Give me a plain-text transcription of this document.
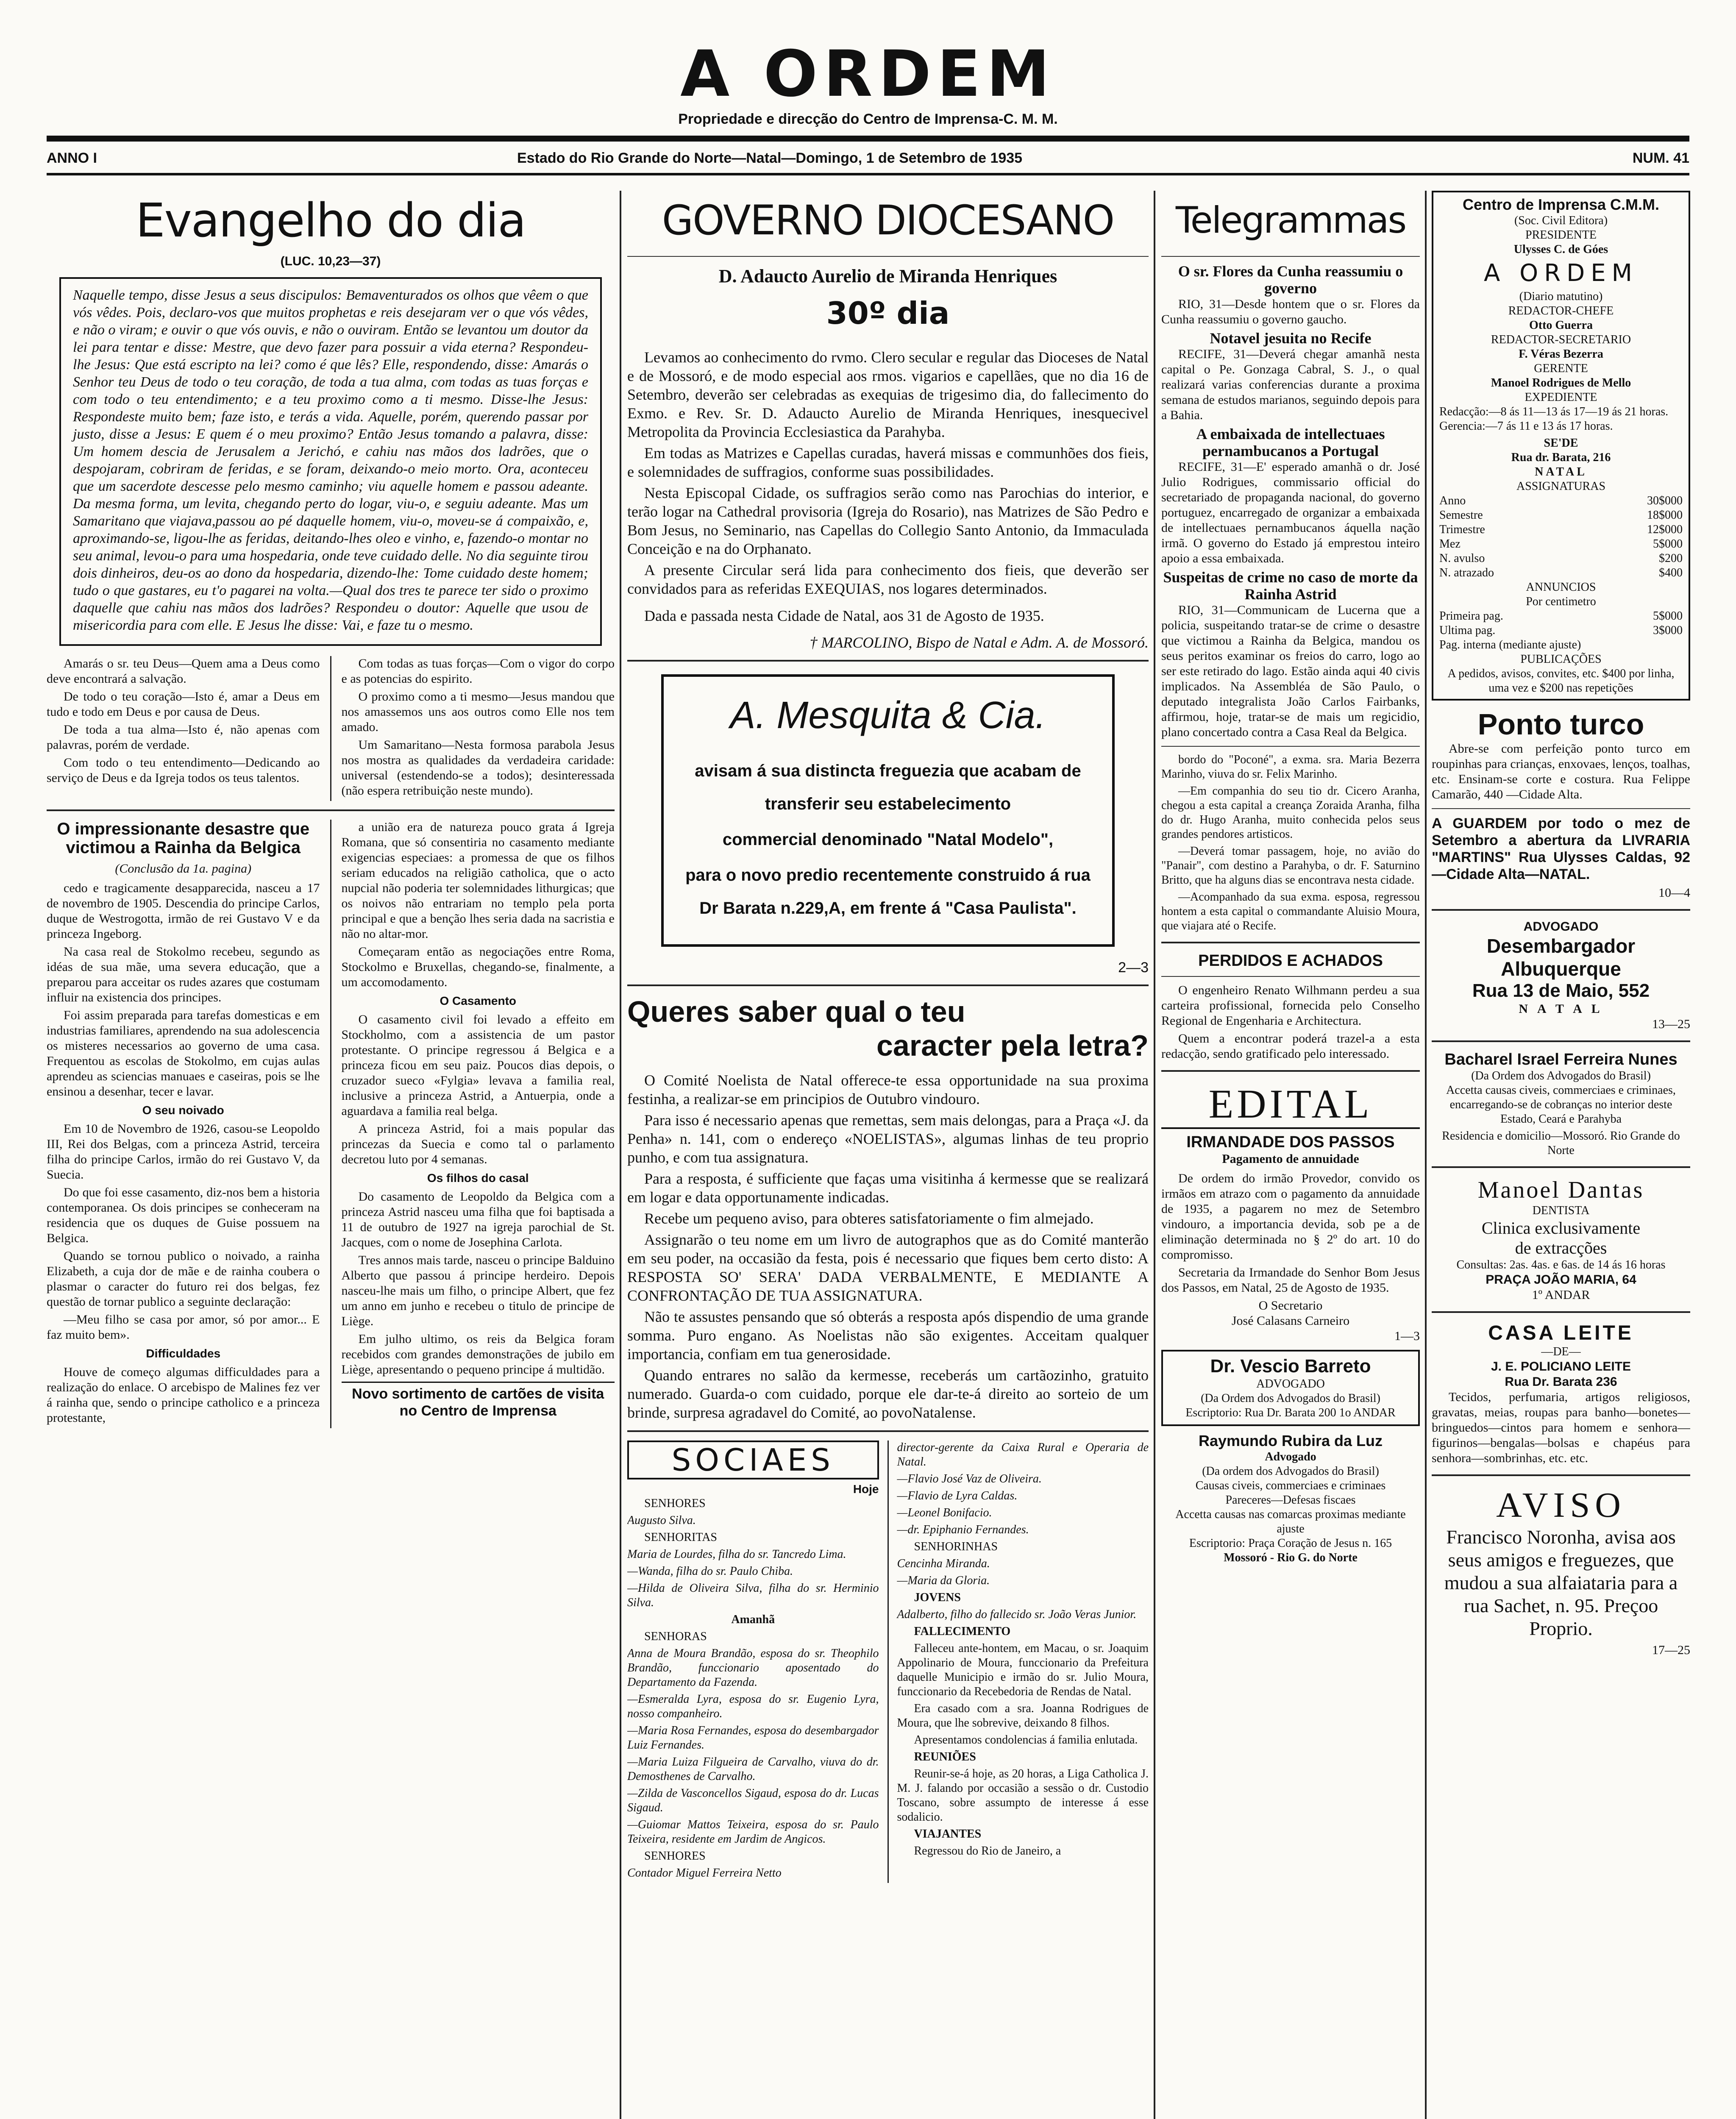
A ORDEM
Propriedade e direcção do Centro de Imprensa-C. M. M.
ANNO I	Estado do Rio Grande do Norte—Natal—Domingo, 1 de Setembro de 1935	NUM. 41
Evangelho do dia
(LUC. 10,23—37)

Naquelle tempo, disse Jesus a seus discipulos: Bemaventurados os olhos que vêem o que vós vêdes. Pois, declaro-vos que muitos prophetas e reis desejaram ver o que vós vêdes, e não o viram; e ouvir o que vós ouvis, e não o ouviram. Então se levantou um doutor da lei para tentar e disse: Mestre, que devo fazer para possuir a vida eterna? Respondeu-lhe Jesus: Que está escripto na lei? como é que lês? Elle, respondendo, disse: Amarás o Senhor teu Deus de todo o teu coração, de toda a tua alma, com todas as tuas forças e com todo o teu entendimento; e a teu proximo como a ti mesmo. Disse-lhe Jesus: Respondeste muito bem; faze isto, e terás a vida. Aquelle, porém, querendo passar por justo, disse a Jesus: E quem é o meu proximo? Então Jesus tomando a palavra, disse: Um homem descia de Jerusalem a Jerichó, e cahiu nas mãos dos ladrões, que o despojaram, cobriram de feridas, e se foram, deixando-o meio morto. Ora, aconteceu que um sacerdote descesse pelo mesmo caminho; viu aquelle homem e passou adeante. Da mesma forma, um levita, chegando perto do logar, viu-o, e seguiu adeante. Mas um Samaritano que viajava,passou ao pé daquelle homem, viu-o, moveu-se á compaixão, e, aproximando-se, ligou-lhe as feridas, deitando-lhes oleo e vinho, e, fazendo-o montar no seu animal, levou-o para uma hospedaria, onde teve cuidado delle. No dia seguinte tirou dois dinheiros, deu-os ao dono da hospedaria, dizendo-lhe: Tome cuidado deste homem; tudo o que gastares, eu t'o pagarei na volta.—Qual dos tres te parece ter sido o proximo daquelle que cahiu nas mãos dos ladrões? Respondeu o doutor: Aquelle que usou de misericordia para com elle. E Jesus lhe disse: Vai, e faze tu o mesmo.

Amarás o sr. teu Deus—Quem ama a Deus como deve encontrará a salvação.

De todo o teu coração—Isto é, amar a Deus em tudo e todo em Deus e por causa de Deus.

De toda a tua alma—Isto é, não apenas com palavras, porém de verdade.

Com todo o teu entendimento—Dedicando ao serviço de Deus e da Igreja todos os teus talentos.

Com todas as tuas forças—Com o vigor do corpo e as potencias do espirito.

O proximo como a ti mesmo—Jesus mandou que nos amassemos uns aos outros como Elle nos tem amado.

Um Samaritano—Nesta formosa parabola Jesus nos mostra as qualidades da verdadeira caridade: universal (estendendo-se a todos); desinteressada (não espera retribuição neste mundo).

O impressionante desastre que victimou a Rainha da Belgica

(Conclusão da 1a. pagina)

cedo e tragicamente desapparecida, nasceu a 17 de novembro de 1905. Descendia do principe Carlos, duque de Westrogotta, irmão de rei Gustavo V e da princeza Ingeborg.

Na casa real de Stokolmo recebeu, segundo as idéas de sua mãe, uma severa educação, que a preparou para acceitar os rudes azares que costumam influir na existencia dos principes.

Foi assim preparada para tarefas domesticas e em industrias familiares, aprendendo na sua adolescencia os misteres necessarios ao governo de uma casa. Frequentou as escolas de Stokolmo, em cujas aulas aprendeu as sciencias manuaes e caseiras, pois se lhe ensinou a desenhar, tecer e lavar.

O seu noivado

Em 10 de Novembro de 1926, casou-se Leopoldo III, Rei dos Belgas, com a princeza Astrid, terceira filha do principe Carlos, irmão do rei Gustavo V, da Suecia.

Do que foi esse casamento, diz-nos bem a historia contemporanea. Os dois principes se conheceram na residencia que os duques de Guise possuem na Belgica.

Quando se tornou publico o noivado, a rainha Elizabeth, a cuja dor de mãe e de rainha coubera o plasmar o caracter do futuro rei dos belgas, fez questão de tornar publico a seguinte declaração:

—Meu filho se casa por amor, só por amor... E faz muito bem».

Difficuldades

Houve de começo algumas difficuldades para a realização do enlace. O arcebispo de Malines fez ver á rainha que, sendo o principe catholico e a princeza protestante,

a união era de natureza pouco grata á Igreja Romana, que só consentiria no casamento mediante exigencias especiaes: a promessa de que os filhos seriam educados na religião catholica, que o acto nupcial não poderia ter solemnidades lithurgicas; que os noivos não entrariam no templo pela porta principal e que a benção lhes seria dada na sacristia e não no altar-mor.

Começaram então as negociações entre Roma, Stockolmo e Bruxellas, chegando-se, finalmente, a um accomodamento.

O Casamento

O casamento civil foi levado a effeito em Stockholmo, com a assistencia de um pastor protestante. O principe regressou á Belgica e a princeza ficou em seu paiz. Poucos dias depois, o cruzador sueco «Fylgia» levava a familia real, inclusive a princeza Astrid, a Antuerpia, onde a aguardava a familia real belga.

A princeza Astrid, foi a mais popular das princezas da Suecia e como tal o parlamento decretou luto por 4 semanas.

Os filhos do casal

Do casamento de Leopoldo da Belgica com a princeza Astrid nasceu uma filha que foi baptisada a 11 de outubro de 1927 na igreja parochial de St. Jacques, com o nome de Josephina Carlota.

Tres annos mais tarde, nasceu o principe Balduino Alberto que passou á principe herdeiro. Depois nasceu-lhe mais um filho, o principe Albert, que fez um anno em junho e recebeu o titulo de principe de Liège.

Em julho ultimo, os reis da Belgica foram recebidos com grandes demonstrações de jubilo em Liège, apresentando o pequeno principe á multidão.

Novo sortimento de cartões de visita no Centro de Imprensa
GOVERNO DIOCESANO
D. Adaucto Aurelio de Miranda Henriques
30º dia

Levamos ao conhecimento do rvmo. Clero secular e regular das Dioceses de Natal e de Mossoró, e de modo especial aos rmos. vigarios e capellães, que no dia 16 de Setembro, deverão ser celebradas as exequias de trigesimo dia, do fallecimento do Exmo. e Rev. Sr. D. Adaucto Aurelio de Miranda Henriques, inesquecivel Metropolita da Provincia Ecclesiastica da Parahyba.

Em todas as Matrizes e Capellas curadas, haverá missas e communhões dos fieis, e solemnidades de suffragios, conforme suas possibilidades.

Nesta Episcopal Cidade, os suffragios serão como nas Parochias do interior, e terão logar na Cathedral provisoria (Igreja do Rosario), nas Matrizes de São Pedro e Bom Jesus, no Seminario, nas Capellas do Collegio Santo Antonio, da Immaculada Conceição e na do Orphanato.

A presente Circular será lida para conhecimento dos fieis, que deverão ser convidados para as referidas EXEQUIAS, nos logares determinados.

Dada e passada nesta Cidade de Natal, aos 31 de Agosto de 1935.

† MARCOLINO, Bispo de Natal e Adm. A. de Mossoró.
A. Mesquita & Cia.

avisam á sua distincta freguezia que acabam de transferir seu estabelecimento

commercial denominado "Natal Modelo",

para o novo predio recentemente construido á rua Dr Barata n.229,A, em frente á "Casa Paulista".

2—3
Queres saber qual o teu
caracter pela letra?

O Comité Noelista de Natal offerece-te essa opportunidade na sua proxima festinha, a realizar-se em principios de Outubro vindouro.

Para isso é necessario apenas que remettas, sem mais delongas, para a Praça «J. da Penha» n. 141, com o endereço «NOELISTAS», algumas linhas de teu proprio punho, e com tua assignatura.

Para a resposta, é sufficiente que faças uma visitinha á kermesse que se realizará em logar e data opportunamente indicadas.

Recebe um pequeno aviso, para obteres satisfatoriamente o fim almejado.

Assignarão o teu nome em um livro de autographos que as do Comité manterão em seu poder, na occasião da festa, pois é necessario que fiques bem certo disto: A RESPOSTA SO' SERA' DADA VERBALMENTE, E MEDIANTE A CONFRONTAÇÃO DE TUA ASSIGNATURA.

Não te assustes pensando que só obterás a resposta após dispendio de uma grande somma. Puro engano. As Noelistas não são exigentes. Acceitam qualquer importancia, confiam em tua generosidade.

Quando entrares no salão da kermesse, receberás um cartãozinho, gratuito numerado. Guarda-o com cuidado, porque ele dar-te-á direito ao sorteio de um brinde, surpresa agradavel do Comité, ao povoNatalense.

SOCIAES
Hoje

SENHORES

Augusto Silva.

SENHORITAS

Maria de Lourdes, filha do sr. Tancredo Lima.

—Wanda, filha do sr. Paulo Chiba.

—Hilda de Oliveira Silva, filha do sr. Herminio Silva.

Amanhã

SENHORAS

Anna de Moura Brandão, esposa do sr. Theophilo Brandão, funccionario aposentado do Departamento da Fazenda.

—Esmeralda Lyra, esposa do sr. Eugenio Lyra, nosso companheiro.

—Maria Rosa Fernandes, esposa do desembargador Luiz Fernandes.

—Maria Luiza Filgueira de Carvalho, viuva do dr. Demosthenes de Carvalho.

—Zilda de Vasconcellos Sigaud, esposa do dr. Lucas Sigaud.

—Guiomar Mattos Teixeira, esposa do sr. Paulo Teixeira, residente em Jardim de Angicos.

SENHORES

Contador Miguel Ferreira Netto

director-gerente da Caixa Rural e Operaria de Natal.

—Flavio José Vaz de Oliveira.

—Flavio de Lyra Caldas.

—Leonel Bonifacio.

—dr. Epiphanio Fernandes.

SENHORINHAS

Cencinha Miranda.

—Maria da Gloria.

JOVENS

Adalberto, filho do fallecido sr. João Veras Junior.

FALLECIMENTO

Falleceu ante-hontem, em Macau, o sr. Joaquim Appolinario de Moura, funccionario da Prefeitura daquelle Municipio e irmão do sr. Julio Moura, funccionario da Recebedoria de Rendas de Natal.

Era casado com a sra. Joanna Rodrigues de Moura, que lhe sobrevive, deixando 8 filhos.

Apresentamos condolencias á familia enlutada.

REUNIÕES

Reunir-se-á hoje, as 20 horas, a Liga Catholica J. M. J. falando por occasião a sessão o dr. Custodio Toscano, sobre assumpto de interesse á esse sodalicio.

VIAJANTES

Regressou do Rio de Janeiro, a

Telegrammas
O sr. Flores da Cunha reassumiu o governo

RIO, 31—Desde hontem que o sr. Flores da Cunha reassumiu o governo gaucho.

Notavel jesuita no Recife

RECIFE, 31—Deverá chegar amanhã nesta capital o Pe. Gonzaga Cabral, S. J., o qual realizará varias conferencias durante a proxima semana de estudos marianos, seguindo depois para a Bahia.

A embaixada de intellectuaes pernambucanos a Portugal

RECIFE, 31—E' esperado amanhã o dr. José Julio Rodrigues, commissario official do secretariado de propaganda nacional, do governo portuguez, encarregado de organizar a embaixada de intellectuaes pernambucanos áquella nação irmã. O governo do Estado já emprestou inteiro apoio a essa embaixada.

Suspeitas de crime no caso de morte da Rainha Astrid

RIO, 31—Communicam de Lucerna que a policia, suspeitando tratar-se de crime o desastre que victimou a Rainha da Belgica, mandou os seus peritos examinar os freios do carro, logo ao ser este retirado do lago. Estão ainda aqui 40 civis implicados. Na Assembléa de São Paulo, o deputado integralista João Carlos Fairbanks, affirmou, hoje, tratar-se de mais um regicidio, plano concertado contra a Casa Real da Belgica.

bordo do "Poconé", a exma. sra. Maria Bezerra Marinho, viuva do sr. Felix Marinho.

—Em companhia do seu tio dr. Cicero Aranha, chegou a esta capital a creança Zoraida Aranha, filha do dr. Hugo Aranha, muito conhecida pelos seus grandes pendores artisticos.

—Deverá tomar passagem, hoje, no avião do "Panair", com destino a Parahyba, o dr. F. Saturnino Britto, que ha alguns dias se encontrava nesta cidade.

—Acompanhado da sua exma. esposa, regressou hontem a esta capital o commandante Aluisio Moura, que viajara até o Recife.

PERDIDOS E ACHADOS

O engenheiro Renato Wilhmann perdeu a sua carteira profissional, fornecida pelo Conselho Regional de Engenharia e Architectura.

Quem a encontrar poderá trazel-a a esta redacção, sendo gratificado pelo interessado.

EDITAL
IRMANDADE DOS PASSOS
Pagamento de annuidade

De ordem do irmão Provedor, convido os irmãos em atrazo com o pagamento da annuidade de 1935, a pagarem no mez de Setembro vindouro, a importancia devida, sob pe a de eliminação determinada no § 2º do art. 10 do compromisso.

Secretaria da Irmandade do Senhor Bom Jesus dos Passos, em Natal, 25 de Agosto de 1935.

O Secretario
José Calasans Carneiro
1—3
Dr. Vescio Barreto
ADVOGADO
(Da Ordem dos Advogados do Brasil)
Escriptorio: Rua Dr. Barata 200 1o ANDAR
Raymundo Rubira da Luz
Advogado
(Da ordem dos Advogados do Brasil)
Causas civeis, commerciaes e criminaes
Pareceres—Defesas fiscaes
Accetta causas nas comarcas proximas mediante ajuste
Escriptorio: Praça Coração de Jesus n. 165
Mossoró - Rio G. do Norte
Centro de Imprensa C.M.M.
(Soc. Civil Editora)
PRESIDENTE
Ulysses C. de Góes
A ORDEM
(Diario matutino)
REDACTOR-CHEFE
Otto Guerra
REDACTOR-SECRETARIO
F. Véras Bezerra
GERENTE
Manoel Rodrigues de Mello
EXPEDIENTE
Redacção:—8 ás 11—13 ás 17—19 ás 21 horas. Gerencia:—7 ás 11 e 13 ás 17 horas.
SE'DE
Rua dr. Barata, 216
NATAL
ASSIGNATURAS
Anno	30$000
Semestre	18$000
Trimestre	12$000
Mez	5$000
N. avulso	$200
N. atrazado	$400
ANNUNCIOS
Por centimetro
Primeira pag.	5$000
Ultima pag.	3$000
Pag. interna (mediante ajuste)
PUBLICAÇÕES
A pedidos, avisos, convites, etc. $400 por linha, uma vez e $200 nas repetições
Ponto turco

Abre-se com perfeição ponto turco em roupinhas para crianças, enxovaes, lenços, toalhas, etc. Ensinam-se corte e costura. Rua Felippe Camarão, 440 —Cidade Alta.

A GUARDEM por todo o mez de Setembro a abertura da LIVRARIA "MARTINS" Rua Ulysses Caldas, 92—Cidade Alta—NATAL.

10—4
ADVOGADO
Desembargador Albuquerque
Rua 13 de Maio, 552
N A T A L
13—25
Bacharel Israel Ferreira Nunes
(Da Ordem dos Advogados do Brasil)

Accetta causas civeis, commerciaes e criminaes, encarregando-se de cobranças no interior deste Estado, Ceará e Parahyba

Residencia e domicilio—Mossoró. Rio Grande do Norte

Manoel Dantas
DENTISTA
Clinica exclusivamente
de extracções
Consultas: 2as. 4as. e 6as. de 14 ás 16 horas
PRAÇA JOÃO MARIA, 64
1º ANDAR
CASA LEITE
—DE—
J. E. POLICIANO LEITE
Rua Dr. Barata 236

Tecidos, perfumaria, artigos religiosos, gravatas, meias, roupas para banho—bonetes—bringuedos—cintos para homem e senhora—figurinos—bengalas—bolsas e chapéus para senhora—sombrinhas, etc. etc.

AVISO

Francisco Noronha, avisa aos seus amigos e freguezes, que mudou a sua alfaiataria para a rua Sachet, n. 95. Preçoo Proprio.

17—25
